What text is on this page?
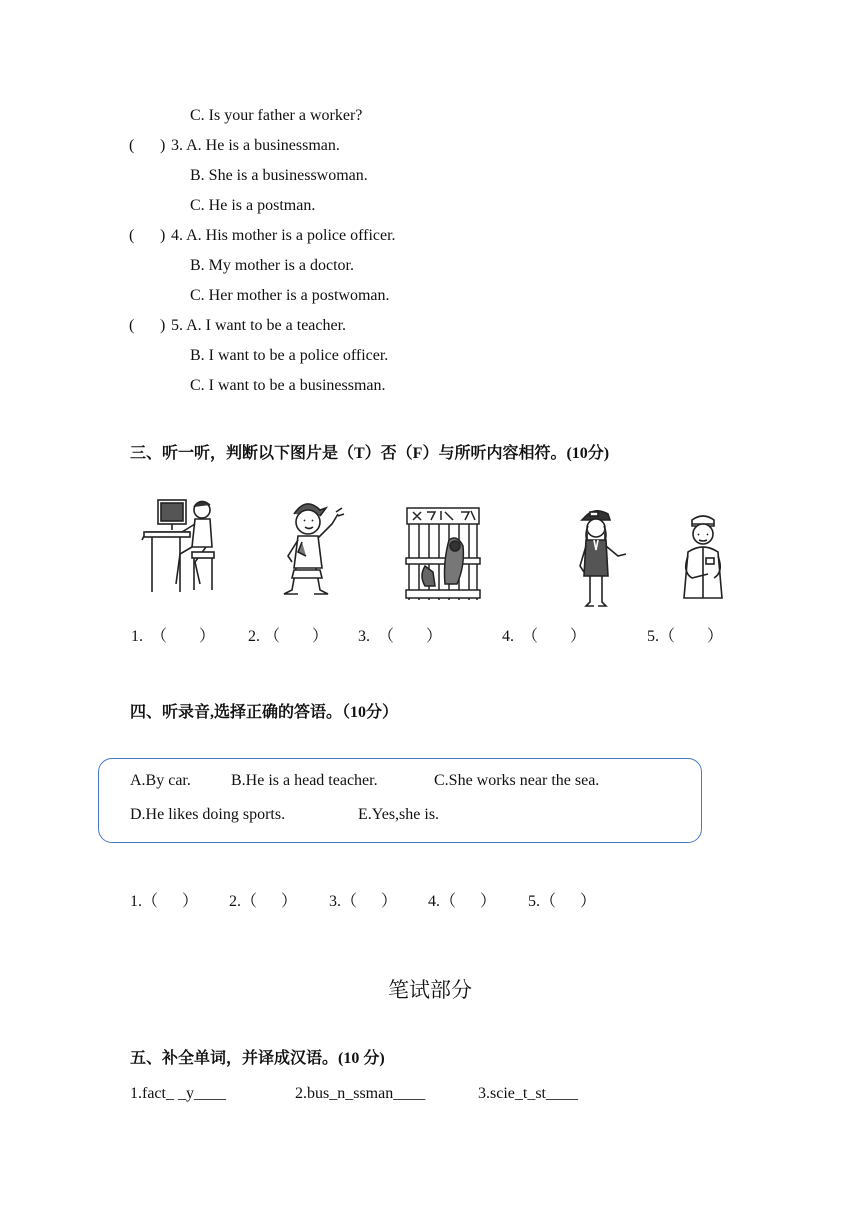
C. Is your father a worker?
( ) 3. A. He is a businessman.
B. She is a businesswoman.
C. He is a postman.
( ) 4. A. His mother is a police officer.
B. My mother is a doctor.
C. Her mother is a postwoman.
( ) 5. A. I want to be a teacher.
B. I want to be a police officer.
C. I want to be a businessman.
三、听一听，判断以下图片是（T）否（F）与所听内容相符。(10分)
1.  （        ） 2. （        ） 3.  （        ）	4.  （        ）	5.（        ）
四、听录音,选择正确的答语。（10分）
A.By car.	B.He is a head teacher.	C.She works near the sea.
D.He likes doing sports.	E.Yes,she is.
1.（      ） 2.（      ） 3.（      ） 4.（      ） 5.（      ）
笔试部分
五、补全单词，并译成汉语。(10 分)
1.fact_ _y____	2.bus_n_ssman____	3.scie_t_st____
